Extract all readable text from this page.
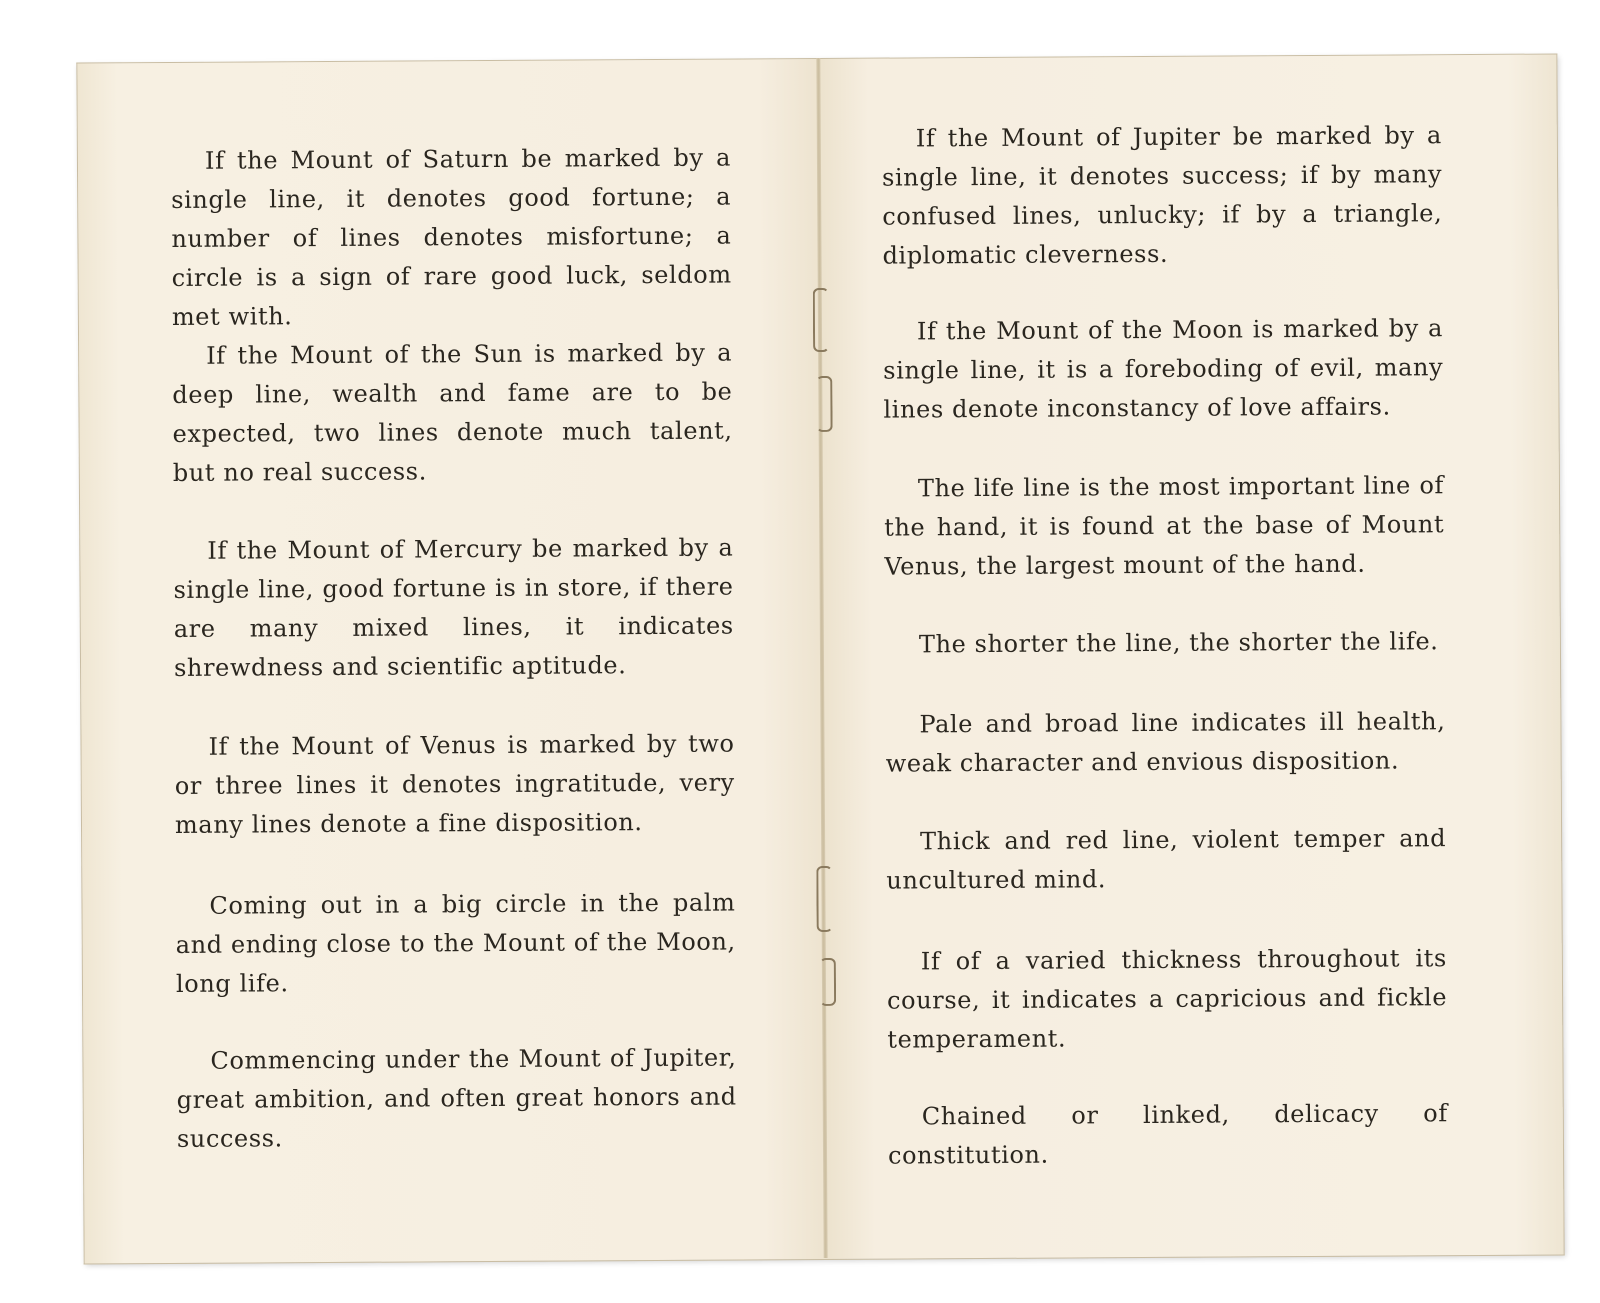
If the Mount of Saturn be marked by a single line, it denotes good fortune; a number of lines denotes misfortune; a circle is a sign of rare good luck, seldom met with.

If the Mount of the Sun is marked by a deep line, wealth and fame are to be expected, two lines denote much talent, but no real success.

If the Mount of Mercury be marked by a single line, good fortune is in store, if there are many mixed lines, it indicates shrewdness and scientific aptitude.

If the Mount of Venus is marked by two or three lines it denotes ingratitude, very many lines denote a fine disposition.

Coming out in a big circle in the palm and ending close to the Mount of the Moon, long life.

Commencing under the Mount of Jupiter, great ambition, and often great honors and success.

If the Mount of Jupiter be marked by a single line, it denotes success; if by many confused lines, unlucky; if by a triangle, diplomatic cleverness.

If the Mount of the Moon is marked by a single line, it is a foreboding of evil, many lines denote inconstancy of love affairs.

The life line is the most important line of the hand, it is found at the base of Mount Venus, the largest mount of the hand.

The shorter the line, the shorter the life.

Pale and broad line indicates ill health, weak character and envious disposition.

Thick and red line, violent temper and uncultured mind.

If of a varied thickness throughout its course, it indicates a capricious and fickle temperament.

Chained or linked, delicacy of constitution.
